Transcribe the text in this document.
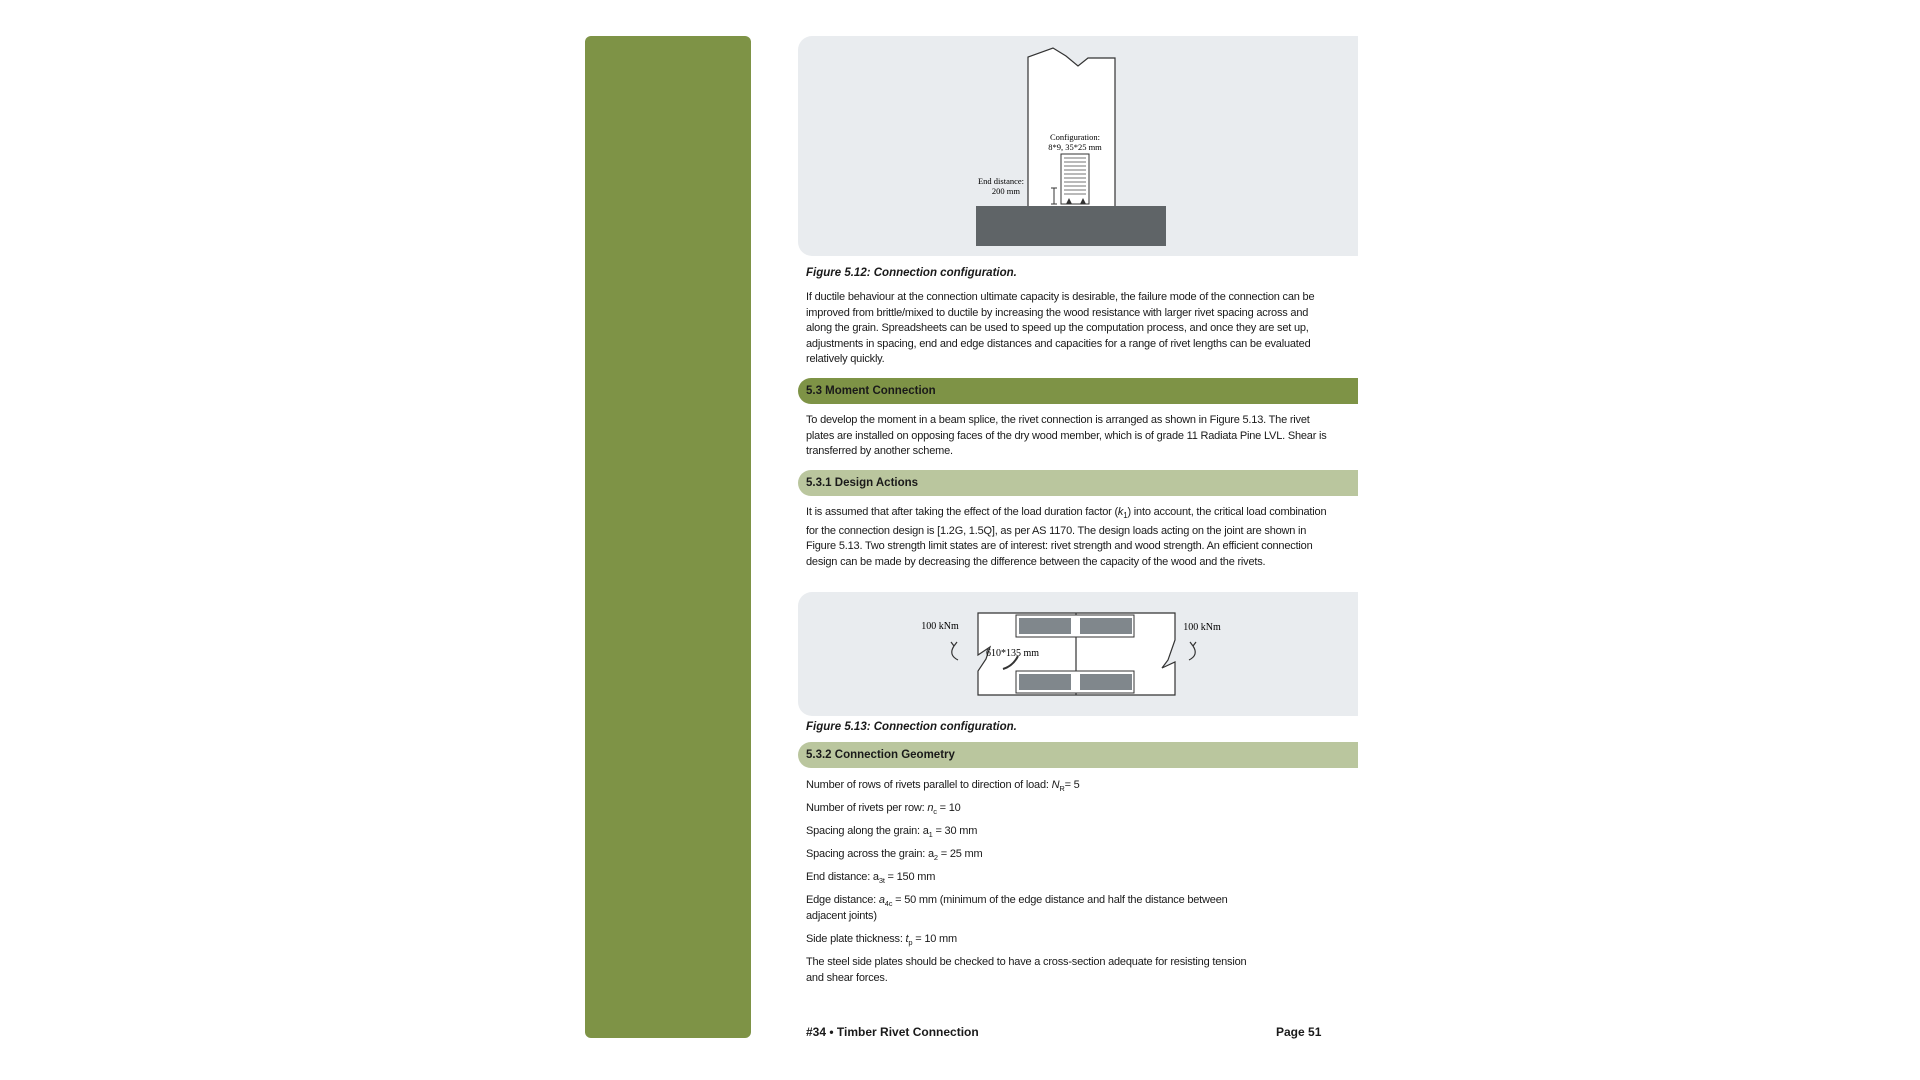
Configuration:
8*9, 35*25 mm
End distance:
200 mm
Figure 5.12: Connection configuration.
If ductile behaviour at the connection ultimate capacity is desirable, the failure mode of the connection can be improved from brittle/mixed to ductile by increasing the wood resistance with larger rivet spacing across and along the grain. Spreadsheets can be used to speed up the computation process, and once they are set up, adjustments in spacing, end and edge distances and capacities for a range of rivet lengths can be evaluated relatively quickly.
5.3 Moment Connection
To develop the moment in a beam splice, the rivet connection is arranged as shown in Figure 5.13. The rivet plates are installed on opposing faces of the dry wood member, which is of grade 11 Radiata Pine LVL. Shear is transferred by another scheme.
5.3.1 Design Actions
It is assumed that after taking the effect of the load duration factor $(k_1)$ into account, the critical load combination for the connection design is [1.2G, 1.5Q], as per AS 1170. The design loads acting on the joint are shown in Figure 5.13. Two strength limit states are of interest: rivet strength and wood strength. An efficient connection design can be made by decreasing the difference between the capacity of the wood and the rivets.
100 kNm	100 kNm
610*135 mm
Figure 5.13: Connection configuration.
5.3.2 Connection Geometry
Number of rows of rivets parallel to direction of load: $N_R= 5$
Number of rivets per row: $n_c = 10$
Spacing along the grain: $a_1 = 30$ mm
Spacing across the grain: $a_2 = 25$ mm
End distance: $a_{3t} = 150$ mm
Edge distance: $a_{4c} = 50$ mm (minimum of the edge distance and half the distance between
adjacent joints)
Side plate thickness: $t_p = 10$ mm
The steel side plates should be checked to have a cross-section adequate for resisting tension
and shear forces.
#34 • Timber Rivet Connection	Page 51
